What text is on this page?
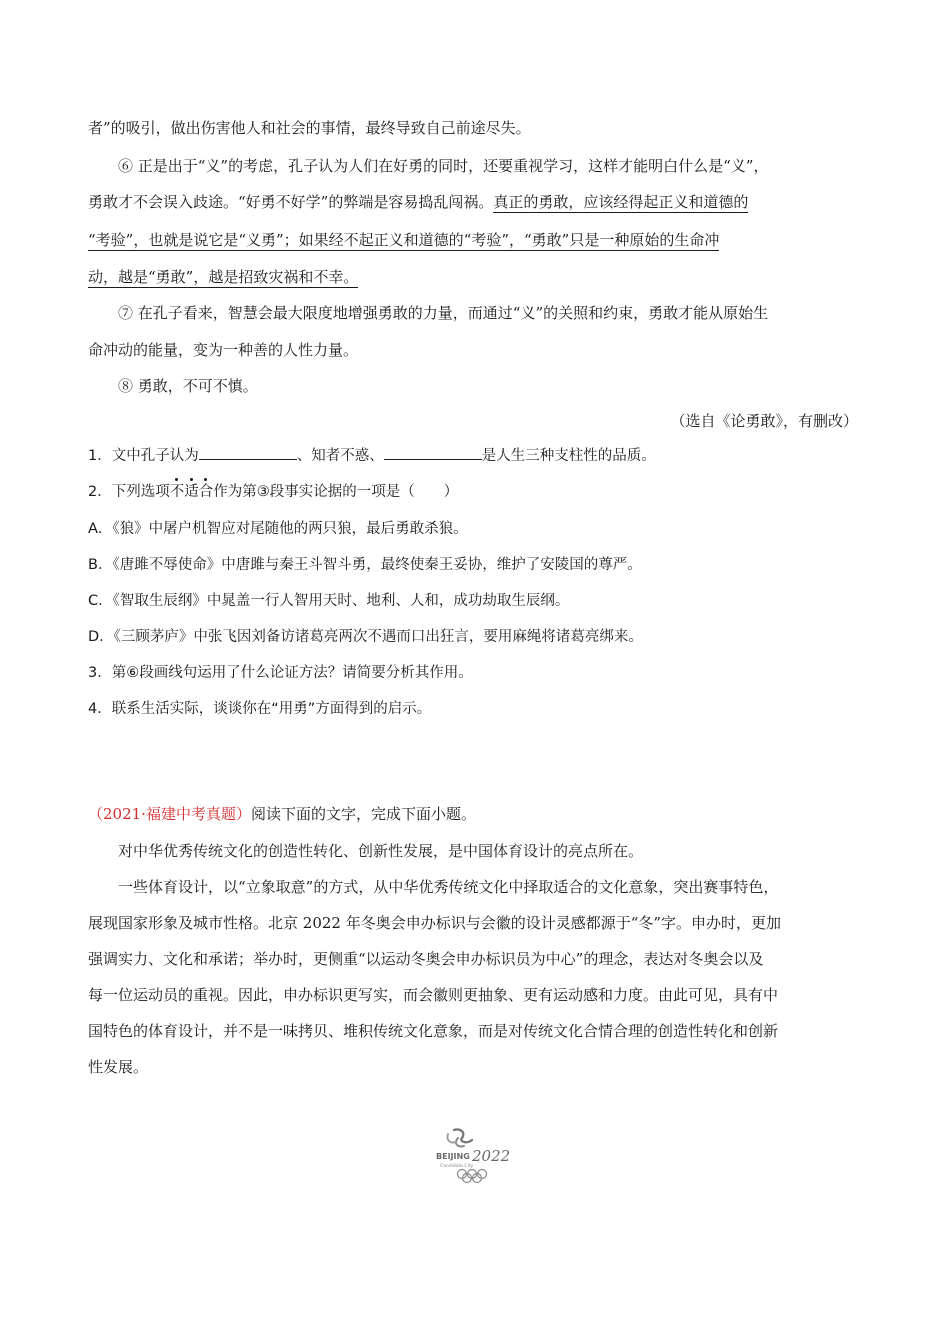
者”的吸引，做出伤害他人和社会的事情，最终导致自己前途尽失。
⑥ 正是出于“义”的考虑，孔子认为人们在好勇的同时，还要重视学习，这样才能明白什么是“义”，
勇敢才不会误入歧途。“好勇不好学”的弊端是容易捣乱闯祸。真正的勇敢，应该经得起正义和道德的
“考验”，也就是说它是“义勇”；如果经不起正义和道德的“考验”，“勇敢”只是一种原始的生命冲
动，越是“勇敢”，越是招致灾祸和不幸。
⑦ 在孔子看来，智慧会最大限度地增强勇敢的力量，而通过“义”的关照和约束，勇敢才能从原始生
命冲动的能量，变为一种善的人性力量。
⑧ 勇敢，不可不慎。
（选自《论勇敢》，有删改）
1．文中孔子认为	、知者不惑、	是人生三种支柱性的品质。
2．下列选项不适合作为第③段事实论据的一项是（　　）
A．《狼》中屠户机智应对尾随他的两只狼，最后勇敢杀狼。
B．《唐雎不辱使命》中唐雎与秦王斗智斗勇，最终使秦王妥协，维护了安陵国的尊严。
C．《智取生辰纲》中晁盖一行人智用天时、地利、人和，成功劫取生辰纲。
D．《三顾茅庐》中张飞因刘备访诸葛亮两次不遇而口出狂言，要用麻绳将诸葛亮绑来。
3．第⑥段画线句运用了什么论证方法？请简要分析其作用。
4．联系生活实际，谈谈你在“用勇”方面得到的启示。
（2021·福建中考真题）阅读下面的文字，完成下面小题。
对中华优秀传统文化的创造性转化、创新性发展，是中国体育设计的亮点所在。
一些体育设计，以“立象取意”的方式，从中华优秀传统文化中择取适合的文化意象，突出赛事特色，
展现国家形象及城市性格。北京 2022 年冬奥会申办标识与会徽的设计灵感都源于“冬”字。申办时，更加
强调实力、文化和承诺；举办时，更侧重“以运动冬奥会申办标识员为中心”的理念，表达对冬奥会以及
每一位运动员的重视。因此，申办标识更写实，而会徽则更抽象、更有运动感和力度。由此可见，具有中
国特色的体育设计，并不是一味拷贝、堆积传统文化意象，而是对传统文化合情合理的创造性转化和创新
性发展。
BEIJING 2022
Candidate City
